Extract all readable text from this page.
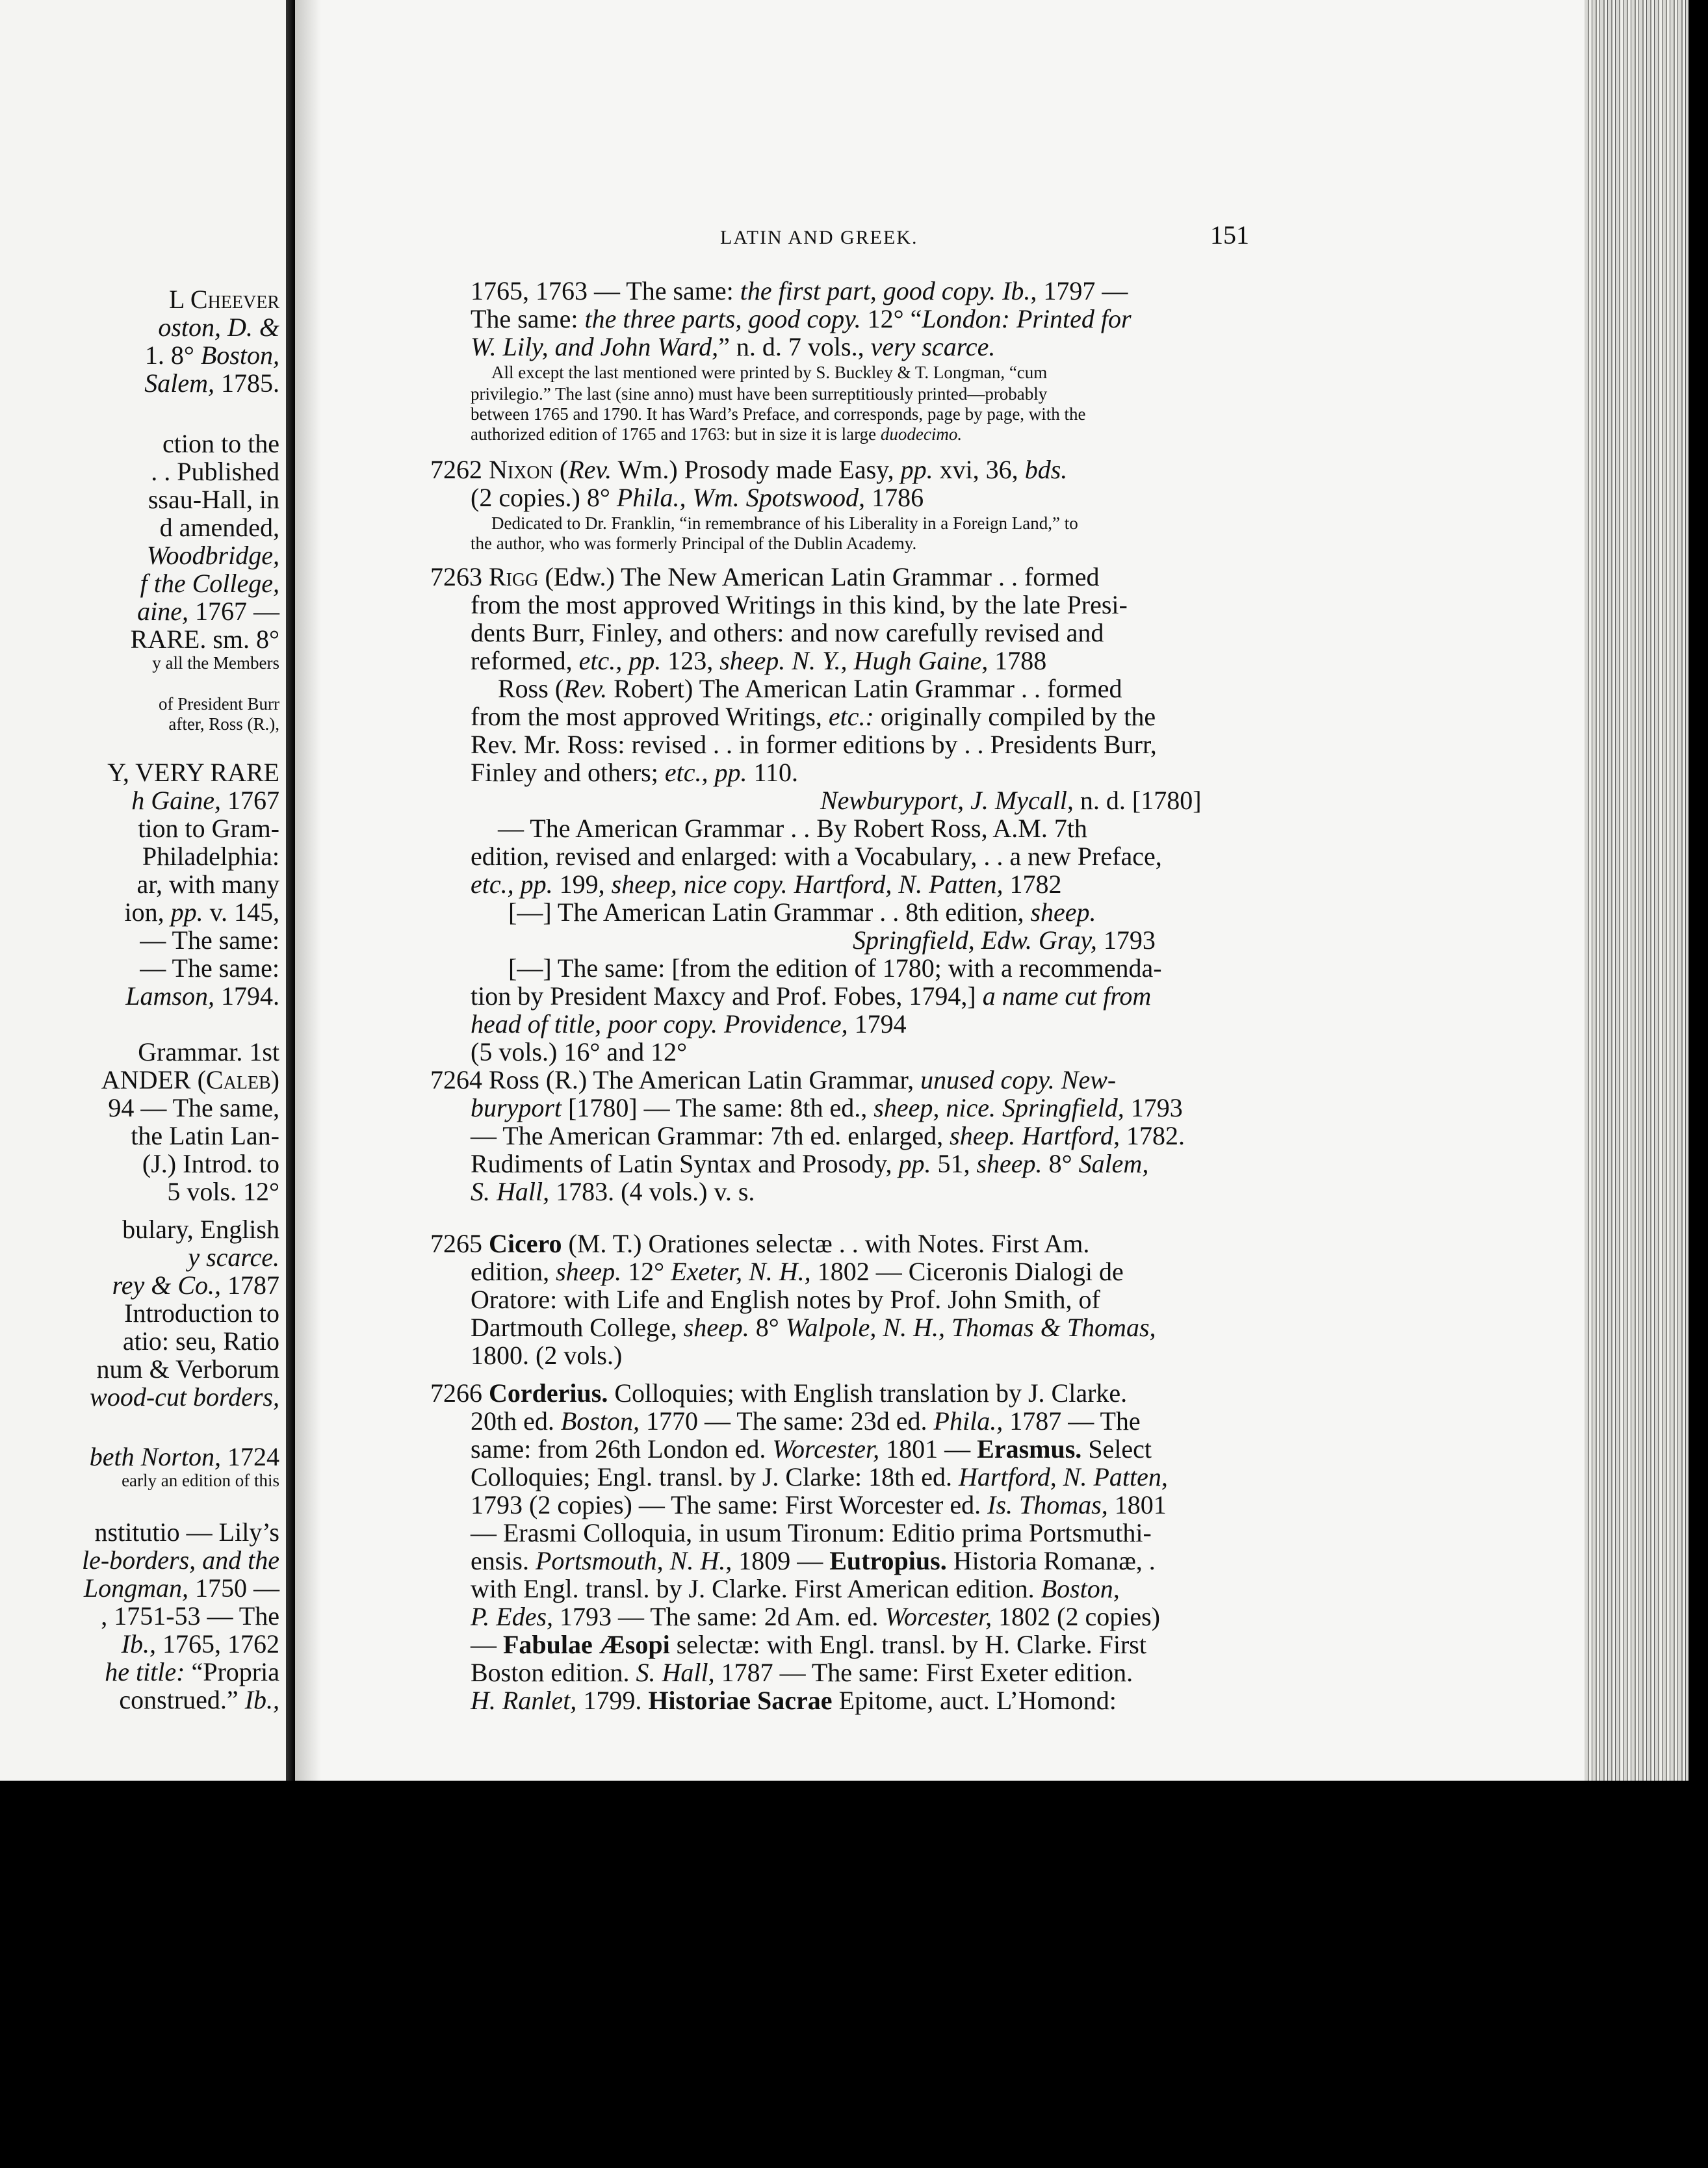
LATIN AND GREEK.	151
L Cheever
oston, D. &
1. 8° Boston,
Salem, 1785.
ction to the
. . Published
ssau-Hall, in
d amended,
Woodbridge,
f the College,
aine, 1767 —
RARE. sm. 8°
y all the Members
of President Burr
after, Ross (R.),
Y, VERY RARE
h Gaine, 1767
tion to Gram-
Philadelphia:
ar, with many
ion, pp. v. 145,
— The same:
— The same:
Lamson, 1794.
Grammar. 1st
ANDER (Caleb)
94 — The same,
the Latin Lan-
(J.) Introd. to
5 vols. 12°
bulary, English
y scarce.
rey & Co., 1787
Introduction to
atio: seu, Ratio
num & Verborum
wood-cut borders,
beth Norton, 1724
early an edition of this
nstitutio — Lily’s
le-borders, and the
Longman, 1750 —
, 1751-53 — The
Ib., 1765, 1762
he title: “Propria
construed.” Ib.,
1765, 1763 — The same: the first part, good copy. Ib., 1797 —
The same: the three parts, good copy. 12° “London: Printed for
W. Lily, and John Ward,” n. d. 7 vols., very scarce.
All except the last mentioned were printed by S. Buckley & T. Longman, “cum
privilegio.” The last (sine anno) must have been surreptitiously printed—probably
between 1765 and 1790. It has Ward’s Preface, and corresponds, page by page, with the
authorized edition of 1765 and 1763: but in size it is large duodecimo.
7262 Nixon (Rev. Wm.) Prosody made Easy, pp. xvi, 36, bds.
(2 copies.) 8° Phila., Wm. Spotswood, 1786
Dedicated to Dr. Franklin, “in remembrance of his Liberality in a Foreign Land,” to
the author, who was formerly Principal of the Dublin Academy.
7263 Rigg (Edw.) The New American Latin Grammar . . formed
from the most approved Writings in this kind, by the late Presi-
dents Burr, Finley, and others: and now carefully revised and
reformed, etc., pp. 123, sheep. N. Y., Hugh Gaine, 1788
Ross (Rev. Robert) The American Latin Grammar . . formed
from the most approved Writings, etc.: originally compiled by the
Rev. Mr. Ross: revised . . in former editions by . . Presidents Burr,
Finley and others; etc., pp. 110.
Newburyport, J. Mycall, n. d. [1780]
— The American Grammar . . By Robert Ross, A.M. 7th
edition, revised and enlarged: with a Vocabulary, . . a new Preface,
etc., pp. 199, sheep, nice copy. Hartford, N. Patten, 1782
[—] The American Latin Grammar . . 8th edition, sheep.
Springfield, Edw. Gray, 1793
[—] The same: [from the edition of 1780; with a recommenda-
tion by President Maxcy and Prof. Fobes, 1794,] a name cut from
head of title, poor copy. Providence, 1794
(5 vols.) 16° and 12°
7264 Ross (R.) The American Latin Grammar, unused copy. New-
buryport [1780] — The same: 8th ed., sheep, nice. Springfield, 1793
— The American Grammar: 7th ed. enlarged, sheep. Hartford, 1782.
Rudiments of Latin Syntax and Prosody, pp. 51, sheep. 8° Salem,
S. Hall, 1783. (4 vols.) v. s.
7265 Cicero (M. T.) Orationes selectæ . . with Notes. First Am.
edition, sheep. 12° Exeter, N. H., 1802 — Ciceronis Dialogi de
Oratore: with Life and English notes by Prof. John Smith, of
Dartmouth College, sheep. 8° Walpole, N. H., Thomas & Thomas,
1800. (2 vols.)
7266 Corderius. Colloquies; with English translation by J. Clarke.
20th ed. Boston, 1770 — The same: 23d ed. Phila., 1787 — The
same: from 26th London ed. Worcester, 1801 — Erasmus. Select
Colloquies; Engl. transl. by J. Clarke: 18th ed. Hartford, N. Patten,
1793 (2 copies) — The same: First Worcester ed. Is. Thomas, 1801
— Erasmi Colloquia, in usum Tironum: Editio prima Portsmuthi-
ensis. Portsmouth, N. H., 1809 — Eutropius. Historia Romanæ, .
with Engl. transl. by J. Clarke. First American edition. Boston,
P. Edes, 1793 — The same: 2d Am. ed. Worcester, 1802 (2 copies)
— Fabulae Æsopi selectæ: with Engl. transl. by H. Clarke. First
Boston edition. S. Hall, 1787 — The same: First Exeter edition.
H. Ranlet, 1799. Historiae Sacrae Epitome, auct. L’Homond:
